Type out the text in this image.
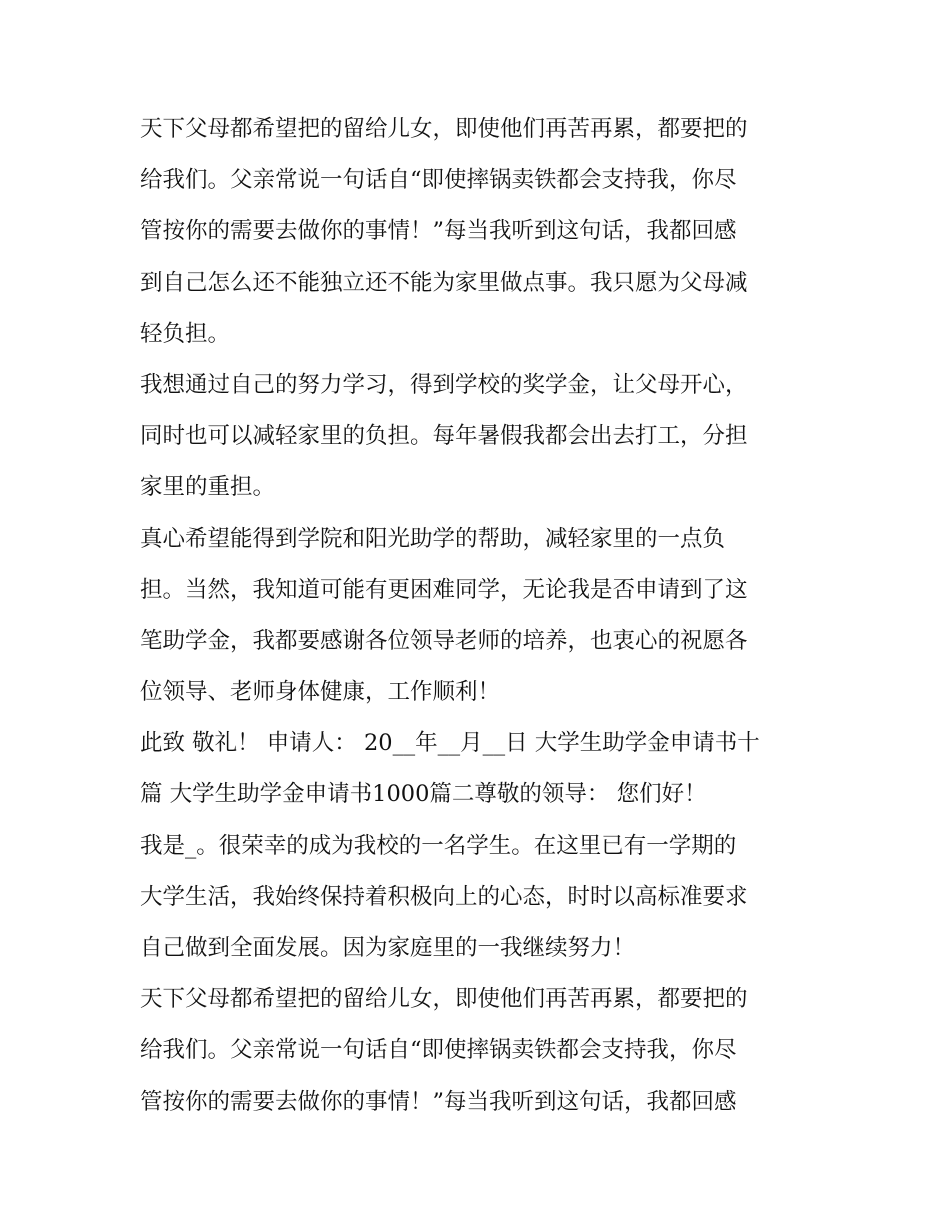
天下父母都希望把的留给儿女，即使他们再苦再累，都要把的
给我们。父亲常说一句话自“即使摔锅卖铁都会支持我，你尽
管按你的需要去做你的事情！”每当我听到这句话，我都回感
到自己怎么还不能独立还不能为家里做点事。我只愿为父母减
轻负担。
我想通过自己的努力学习，得到学校的奖学金，让父母开心，
同时也可以减轻家里的负担。每年暑假我都会出去打工，分担
家里的重担。
真心希望能得到学院和阳光助学的帮助，减轻家里的一点负
担。当然，我知道可能有更困难同学，无论我是否申请到了这
笔助学金，我都要感谢各位领导老师的培养，也衷心的祝愿各
位领导、老师身体健康，工作顺利！
此致 敬礼！ 申请人： 20__年__月__日 大学生助学金申请书十
篇 大学生助学金申请书1000篇二尊敬的领导： 您们好！
我是_。很荣幸的成为我校的一名学生。在这里已有一学期的
大学生活，我始终保持着积极向上的心态，时时以高标准要求
自己做到全面发展。因为家庭里的一我继续努力！
天下父母都希望把的留给儿女，即使他们再苦再累，都要把的
给我们。父亲常说一句话自“即使摔锅卖铁都会支持我，你尽
管按你的需要去做你的事情！”每当我听到这句话，我都回感
